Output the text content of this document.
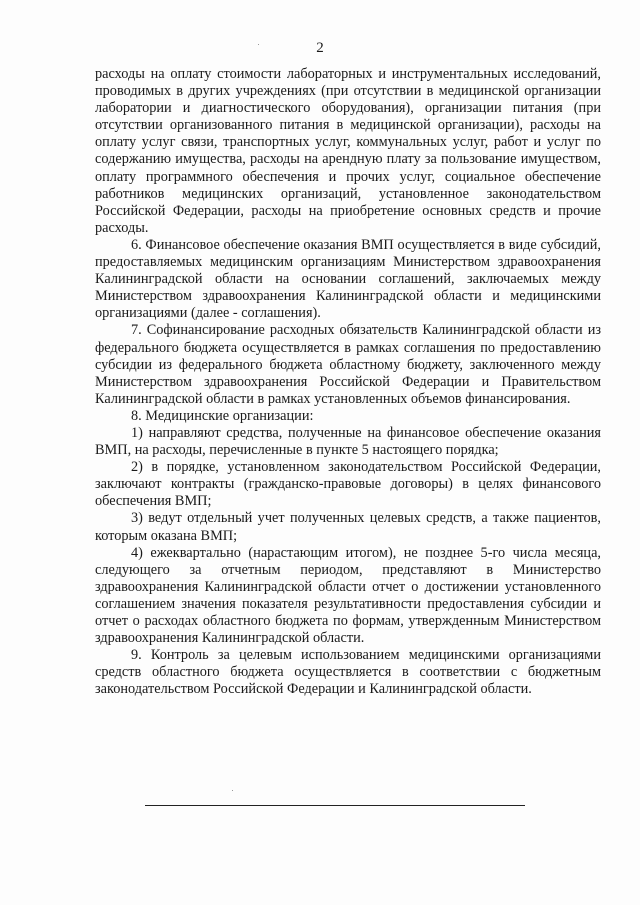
2

расходы на оплату стоимости лабораторных и инструментальных исследований, проводимых в других учреждениях (при отсутствии в медицинской организации лаборатории и диагностического оборудования), организации питания (при отсутствии организованного питания в медицинской организации), расходы на оплату услуг связи, транспортных услуг, коммунальных услуг, работ и услуг по содержанию имущества, расходы на арендную плату за пользование имуществом, оплату программного обеспечения и прочих услуг, социальное обеспечение работников медицинских организаций, установленное законодательством Российской Федерации, расходы на приобретение основных средств и прочие расходы.

6. Финансовое обеспечение оказания ВМП осуществляется в виде субсидий, предоставляемых медицинским организациям Министерством здравоохранения Калининградской области на основании соглашений, заключаемых между Министерством здравоохранения Калининградской области и медицинскими организациями (далее - соглашения).

7. Софинансирование расходных обязательств Калининградской области из федерального бюджета осуществляется в рамках соглашения по предоставлению субсидии из федерального бюджета областному бюджету, заключенного между Министерством здравоохранения Российской Федерации и Правительством Калининградской области в рамках установленных объемов финансирования.

8. Медицинские организации:

1) направляют средства, полученные на финансовое обеспечение оказания ВМП, на расходы, перечисленные в пункте 5 настоящего порядка;

2) в порядке, установленном законодательством Российской Федерации, заключают контракты (гражданско-правовые договоры) в целях финансового обеспечения ВМП;

3) ведут отдельный учет полученных целевых средств, а также пациентов, которым оказана ВМП;

4) ежеквартально (нарастающим итогом), не позднее 5-го числа месяца, следующего за отчетным периодом, представляют в Министерство здравоохранения Калининградской области отчет о достижении установленного соглашением значения показателя результативности предоставления субсидии и отчет о расходах областного бюджета по формам, утвержденным Министерством здравоохранения Калининградской области.

9. Контроль за целевым использованием медицинскими организациями средств областного бюджета осуществляется в соответствии с бюджетным законодательством Российской Федерации и Калининградской области.
